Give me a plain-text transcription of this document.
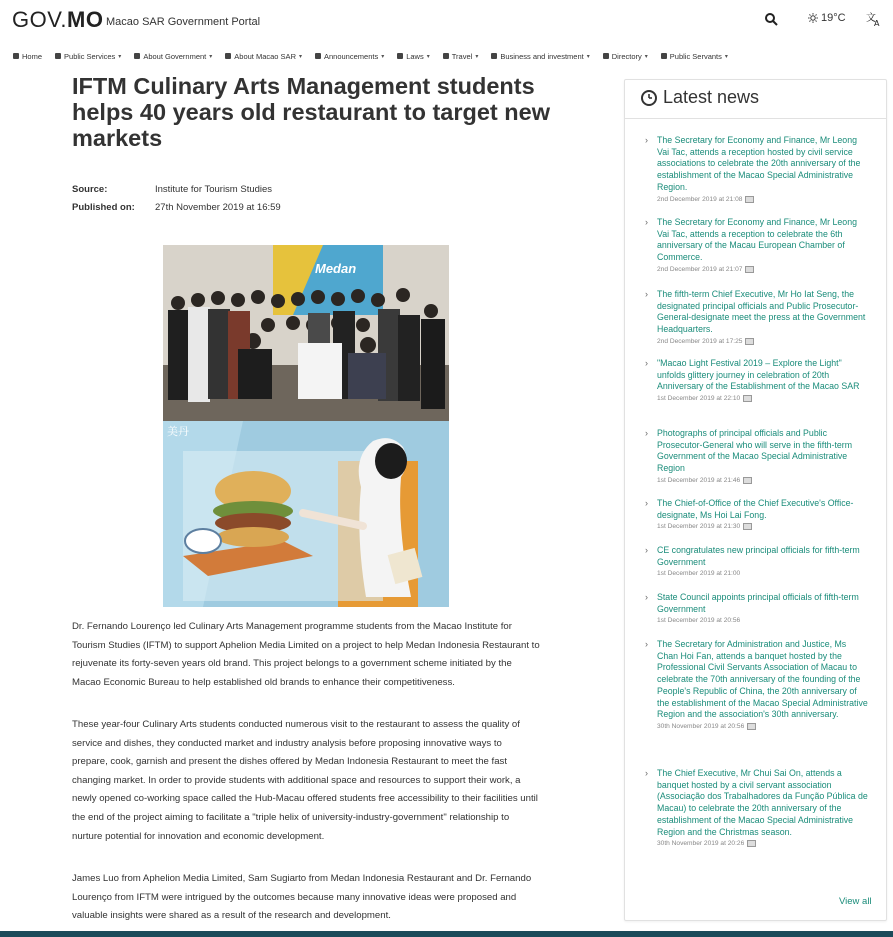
GOV.MO Macao SAR Government Portal	19°C 文
A
Home	Public Services ▾	About Government ▾	About Macao SAR ▾	Announcements ▾	Laws ▾	Travel ▾	Business and investment ▾	Directory ▾	Public Servants ▾
IFTM Culinary Arts Management students helps 40 years old restaurant to target new markets
Source:	Institute for Tourism Studies
Published on: 27th November 2019 at 16:59
Medan
美丹

Dr. Fernando Lourenço led Culinary Arts Management programme students from the Macao Institute for Tourism Studies (IFTM) to support Aphelion Media Limited on a project to help Medan Indonesia Restaurant to rejuvenate its forty-seven years old brand. This project belongs to a government scheme initiated by the Macao Economic Bureau to help established old brands to enhance their competitiveness.

These year-four Culinary Arts students conducted numerous visit to the restaurant to assess the quality of service and dishes, they conducted market and industry analysis before proposing innovative ways to prepare, cook, garnish and present the dishes offered by Medan Indonesia Restaurant to meet the fast changing market. In order to provide students with additional space and resources to support their work, a newly opened co-working space called the Hub-Macau offered students free accessibility to their facilities until the end of the project aiming to facilitate a "triple helix of university-industry-government" relationship to nurture potential for innovation and economic development.

James Luo from Aphelion Media Limited, Sam Sugiarto from Medan Indonesia Restaurant and Dr. Fernando Lourenço from IFTM were intrigued by the outcomes because many innovative ideas were proposed and valuable insights were shared as a result of the research and development.

Latest news
› The Secretary for Economy and Finance, Mr Leong Vai Tac, attends a reception hosted by civil service associations to celebrate the 20th anniversary of the establishment of the Macao Special Administrative Region.
2nd December 2019 at 21:08
› The Secretary for Economy and Finance, Mr Leong Vai Tac, attends a reception to celebrate the 6th anniversary of the Macau European Chamber of Commerce.
2nd December 2019 at 21:07
› The fifth-term Chief Executive, Mr Ho Iat Seng, the designated principal officials and Public Prosecutor-General-designate meet the press at the Government Headquarters.
2nd December 2019 at 17:25
› "Macao Light Festival 2019 – Explore the Light" unfolds glittery journey in celebration of 20th Anniversary of the Establishment of the Macao SAR
1st December 2019 at 22:10
› Photographs of principal officials and Public Prosecutor-General who will serve in the fifth-term Government of the Macao Special Administrative Region
1st December 2019 at 21:46
› The Chief-of-Office of the Chief Executive's Office- designate, Ms Hoi Lai Fong.
1st December 2019 at 21:30
› CE congratulates new principal officials for fifth-term Government
1st December 2019 at 21:00
› State Council appoints principal officials of fifth-term Government
1st December 2019 at 20:56
› The Secretary for Administration and Justice, Ms Chan Hoi Fan, attends a banquet hosted by the Professional Civil Servants Association of Macau to celebrate the 70th anniversary of the founding of the People's Republic of China, the 20th anniversary of the establishment of the Macao Special Administrative Region and the association's 30th anniversary.
30th November 2019 at 20:56
› The Chief Executive, Mr Chui Sai On, attends a banquet hosted by a civil servant association (Associação dos Trabalhadores da Função Pública de Macau) to celebrate the 20th anniversary of the establishment of the Macao Special Administrative Region and the Christmas season.
30th November 2019 at 20:26
View all
